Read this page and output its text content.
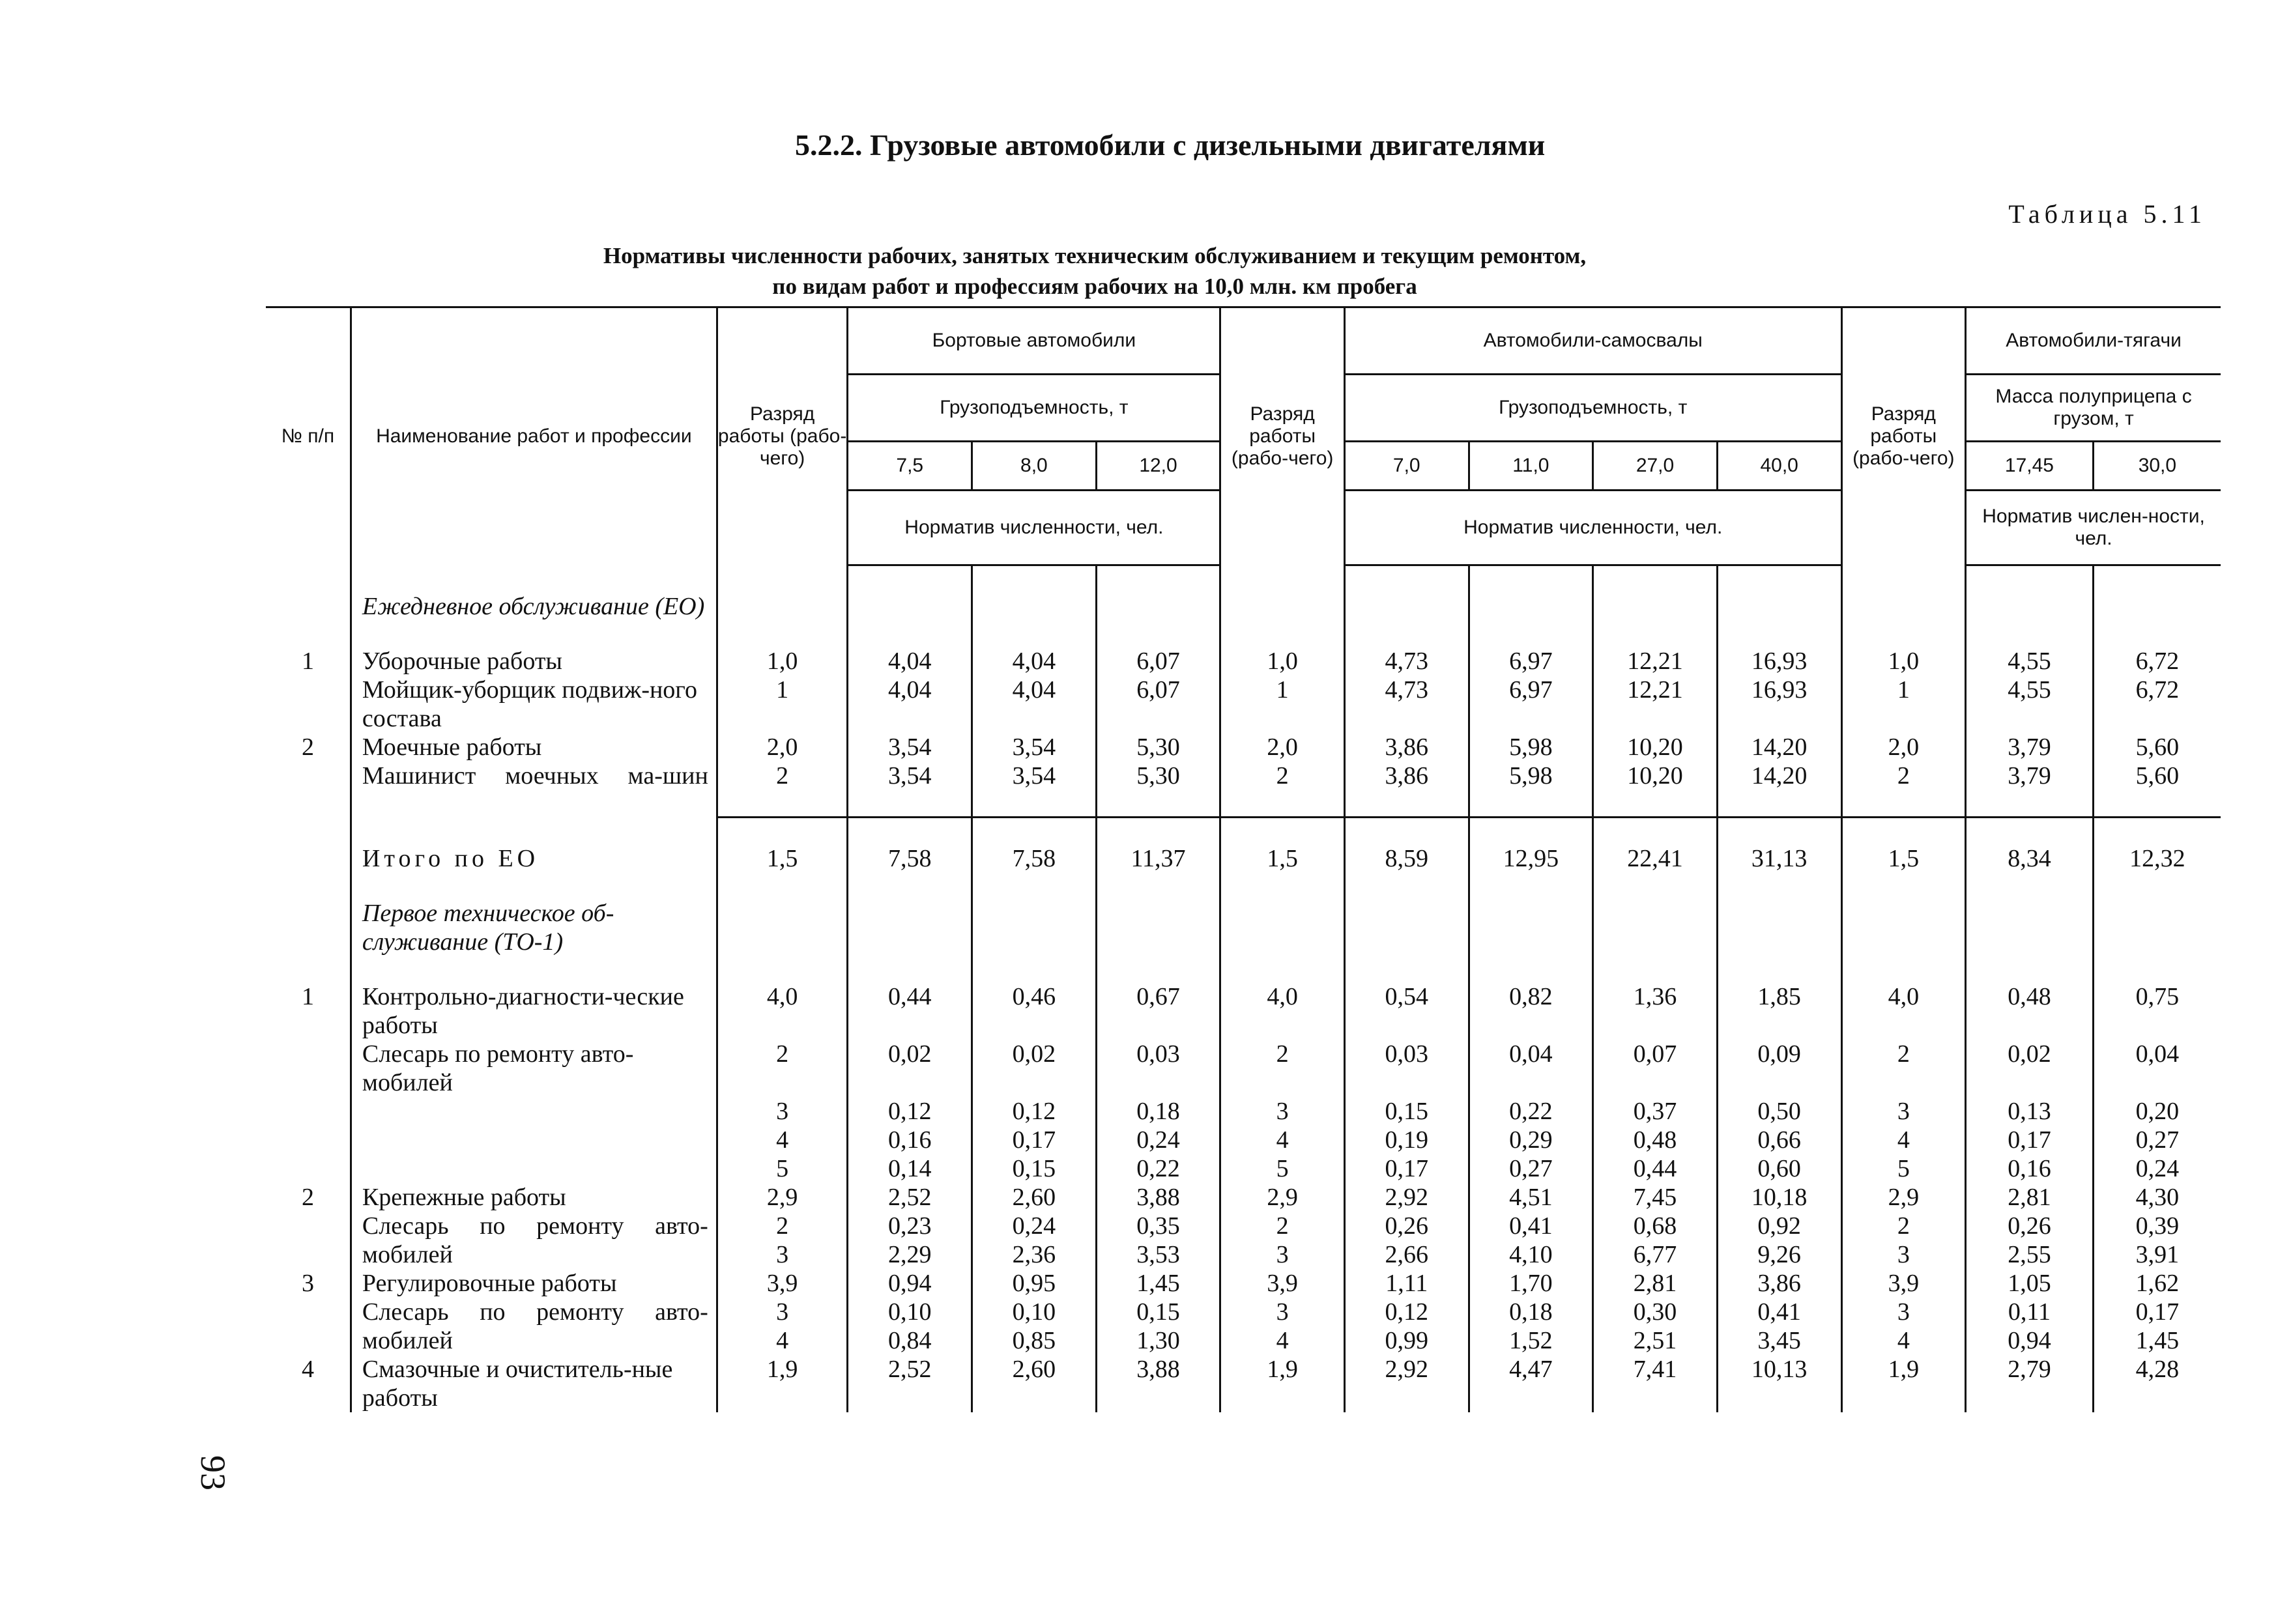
5.2.2. Грузовые автомобили с дизельными двигателями
Таблица 5.11
Нормативы численности рабочих, занятых техническим обслуживанием и текущим ремонтом,
по видам работ и профессиям рабочих на 10,0 млн. км пробега
93
№ п/п	Наименование работ и профессии	Разряд работы (рабо-чего)	Бортовые автомобили			Разряд работы (рабо-чего)	Автомобили-самосвалы				Разряд работы (рабо-чего)	Автомобили-тягачи	
			Грузоподъемность, т				Грузоподъемность, т					Масса полуприцепа с грузом, т	
			7,5	8,0	12,0		7,0	11,0	27,0	40,0		17,45	30,0
			Норматив численности, чел.				Норматив численности, чел.					Норматив числен-ности, чел.	

	Ежедневное обслуживание (ЕО)												

1	Уборочные работы	1,0	4,04	4,04	6,07	1,0	4,73	6,97	12,21	16,93	1,0	4,55	6,72
	Мойщик-уборщик подвиж-ного состава	1	4,04	4,04	6,07	1	4,73	6,97	12,21	16,93	1	4,55	6,72
2	Моечные работы	2,0	3,54	3,54	5,30	2,0	3,86	5,98	10,20	14,20	2,0	3,79	5,60
	Машинист моечных ма-шин	2	3,54	3,54	5,30	2	3,86	5,98	10,20	14,20	2	3,79	5,60

	Итого по ЕО	1,5	7,58	7,58	11,37	1,5	8,59	12,95	22,41	31,13	1,5	8,34	12,32

	Первое техническое об-служивание (ТО-1)												

1	Контрольно-диагности-ческие работы	4,0	0,44	0,46	0,67	4,0	0,54	0,82	1,36	1,85	4,0	0,48	0,75
	Слесарь по ремонту авто-мобилей	2	0,02	0,02	0,03	2	0,03	0,04	0,07	0,09	2	0,02	0,04
		3	0,12	0,12	0,18	3	0,15	0,22	0,37	0,50	3	0,13	0,20
		4	0,16	0,17	0,24	4	0,19	0,29	0,48	0,66	4	0,17	0,27
		5	0,14	0,15	0,22	5	0,17	0,27	0,44	0,60	5	0,16	0,24
2	Крепежные работы	2,9	2,52	2,60	3,88	2,9	2,92	4,51	7,45	10,18	2,9	2,81	4,30
	Слесарь по ремонту авто-	2	0,23	0,24	0,35	2	0,26	0,41	0,68	0,92	2	0,26	0,39
	мобилей	3	2,29	2,36	3,53	3	2,66	4,10	6,77	9,26	3	2,55	3,91
3	Регулировочные работы	3,9	0,94	0,95	1,45	3,9	1,11	1,70	2,81	3,86	3,9	1,05	1,62
	Слесарь по ремонту авто-	3	0,10	0,10	0,15	3	0,12	0,18	0,30	0,41	3	0,11	0,17
	мобилей	4	0,84	0,85	1,30	4	0,99	1,52	2,51	3,45	4	0,94	1,45
4	Смазочные и очиститель-ные работы	1,9	2,52	2,60	3,88	1,9	2,92	4,47	7,41	10,13	1,9	2,79	4,28
